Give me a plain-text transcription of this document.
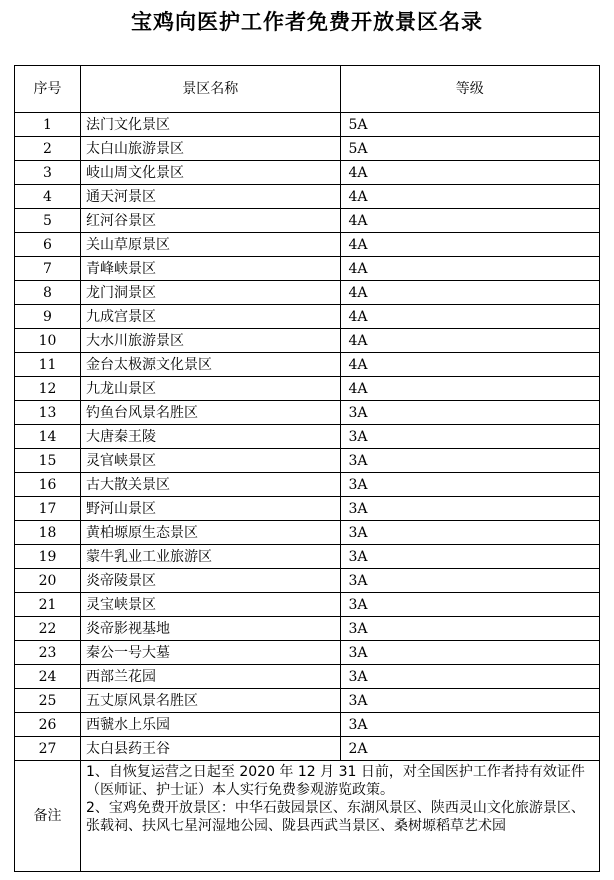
宝鸡向医护工作者免费开放景区名录
序号	景区名称	等级
1	法门文化景区	5A
2	太白山旅游景区	5A
3	岐山周文化景区	4A
4	通天河景区	4A
5	红河谷景区	4A
6	关山草原景区	4A
7	青峰峡景区	4A
8	龙门洞景区	4A
9	九成宫景区	4A
10	大水川旅游景区	4A
11	金台太极源文化景区	4A
12	九龙山景区	4A
13	钓鱼台风景名胜区	3A
14	大唐秦王陵	3A
15	灵官峡景区	3A
16	古大散关景区	3A
17	野河山景区	3A
18	黄柏塬原生态景区	3A
19	蒙牛乳业工业旅游区	3A
20	炎帝陵景区	3A
21	灵宝峡景区	3A
22	炎帝影视基地	3A
23	秦公一号大墓	3A
24	西部兰花园	3A
25	五丈原风景名胜区	3A
26	西虢水上乐园	3A
27	太白县药王谷	2A
备注	1、自恢复运营之日起至 2020 年 12 月 31 日前，对全国医护工作者持有效证件（医师证、护士证）本人实行免费参观游览政策。

2、宝鸡免费开放景区：中华石鼓园景区、东湖风景区、陕西灵山文化旅游景区、张载祠、扶风七星河湿地公园、陇县西武当景区、桑树塬稻草艺术园	
